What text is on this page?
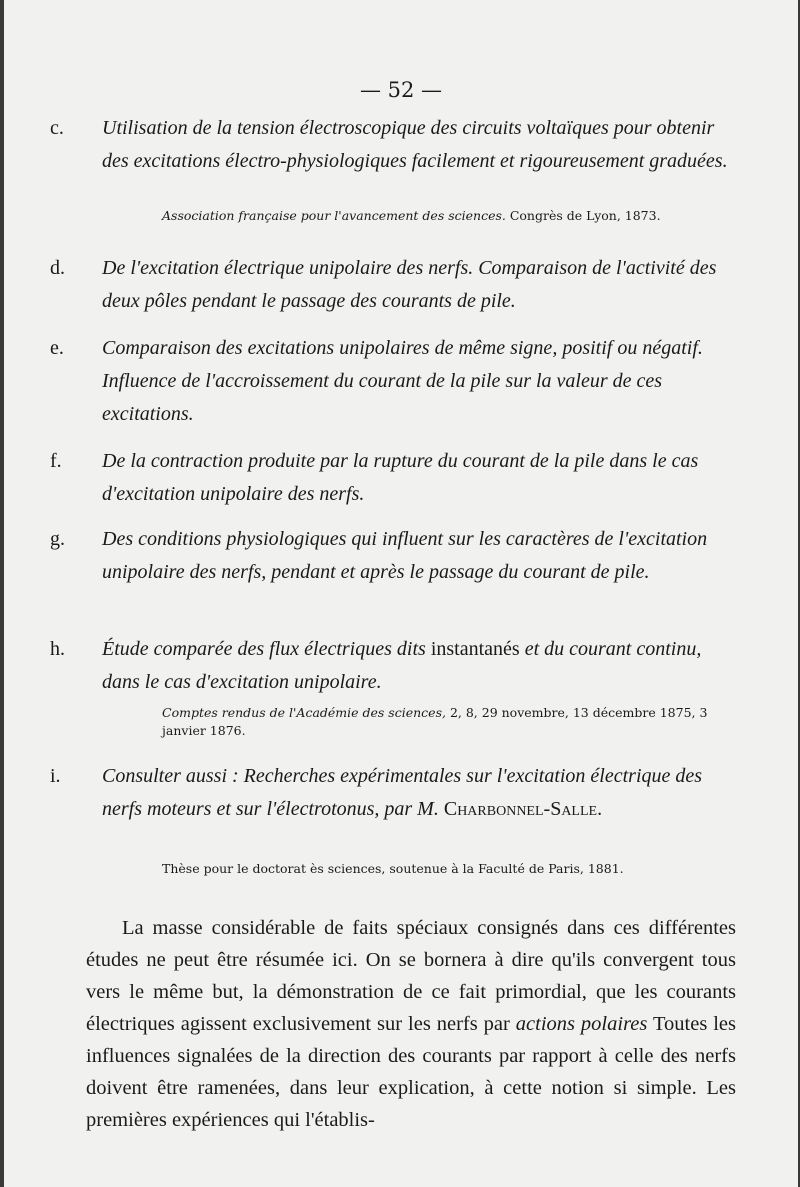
— 52 —
c. Utilisation de la tension électroscopique des circuits voltaïques pour obtenir des excitations électro-physiologiques facilement et rigoureusement graduées.
Association française pour l'avancement des sciences. Congrès de Lyon, 1873.
d. De l'excitation électrique unipolaire des nerfs. Comparaison de l'activité des deux pôles pendant le passage des courants de pile.
e. Comparaison des excitations unipolaires de même signe, positif ou négatif. Influence de l'accroissement du courant de la pile sur la valeur de ces excitations.
f. De la contraction produite par la rupture du courant de la pile dans le cas d'excitation unipolaire des nerfs.
g. Des conditions physiologiques qui influent sur les caractères de l'excitation unipolaire des nerfs, pendant et après le passage du courant de pile.
h. Étude comparée des flux électriques dits instantanés et du courant continu, dans le cas d'excitation unipolaire.
Comptes rendus de l'Académie des sciences, 2, 8, 29 novembre, 13 décembre 1875, 3 janvier 1876.
i. Consulter aussi : Recherches expérimentales sur l'excitation électrique des nerfs moteurs et sur l'électrotonus, par M. Charbonnel-Salle.
Thèse pour le doctorat ès sciences, soutenue à la Faculté de Paris, 1881.
La masse considérable de faits spéciaux consignés dans ces différentes études ne peut être résumée ici. On se bornera à dire qu'ils convergent tous vers le même but, la démonstration de ce fait primordial, que les courants électriques agissent exclusivement sur les nerfs par actions polaires Toutes les influences signalées de la direction des courants par rapport à celle des nerfs doivent être ramenées, dans leur explication, à cette notion si simple. Les premières expériences qui l'établis-
